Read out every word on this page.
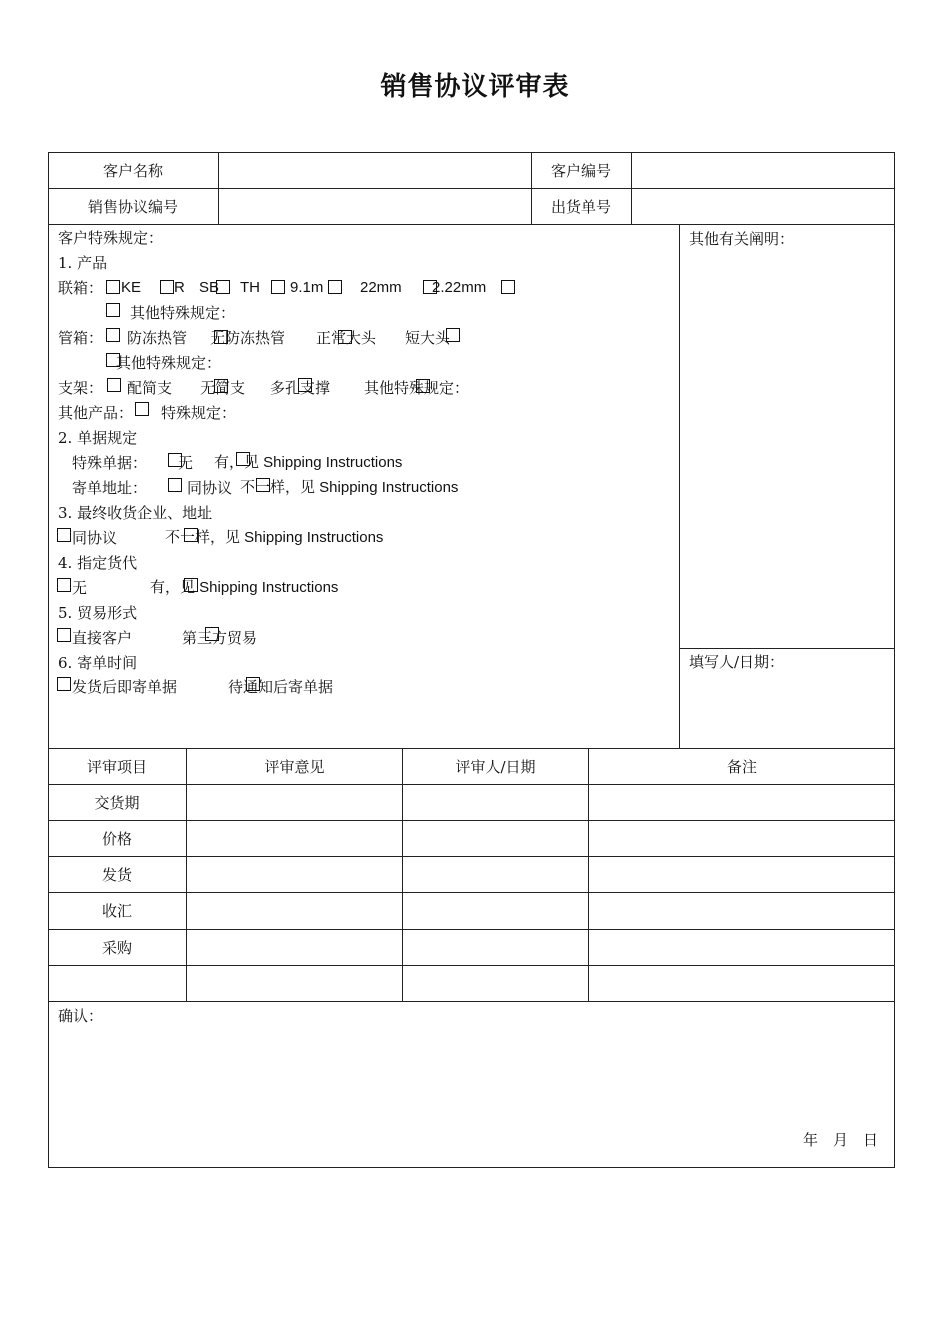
销售协议评审表
客户名称	客户编号
销售协议编号	出货单号
客户特殊规定：
1. 产品
联箱： KE R SB TH 9.1m 22mm 2.22mm
其他特殊规定：
管箱： 防冻热管 无防冻热管 正常大头 短大头
其他特殊规定：
支架： 配简支 无简支 多孔支撑 其他特殊规定：
其他产品： 特殊规定：
2. 单据规定
特殊单据： 无 有，见 Shipping Instructions
寄单地址：	同协议 不一样，见 Shipping Instructions
3. 最终收货企业、地址
同协议	不一样，见 Shipping Instructions
4. 指定货代
无	有，见 Shipping Instructions
5. 贸易形式
直接客户	第三方贸易
6. 寄单时间
发货后即寄单据	待通知后寄单据
其他有关阐明：
填写人/日期：
评审项目	评审意见	评审人/日期	备注
交货期
价格
发货
收汇
采购
确认：
年　月　日
